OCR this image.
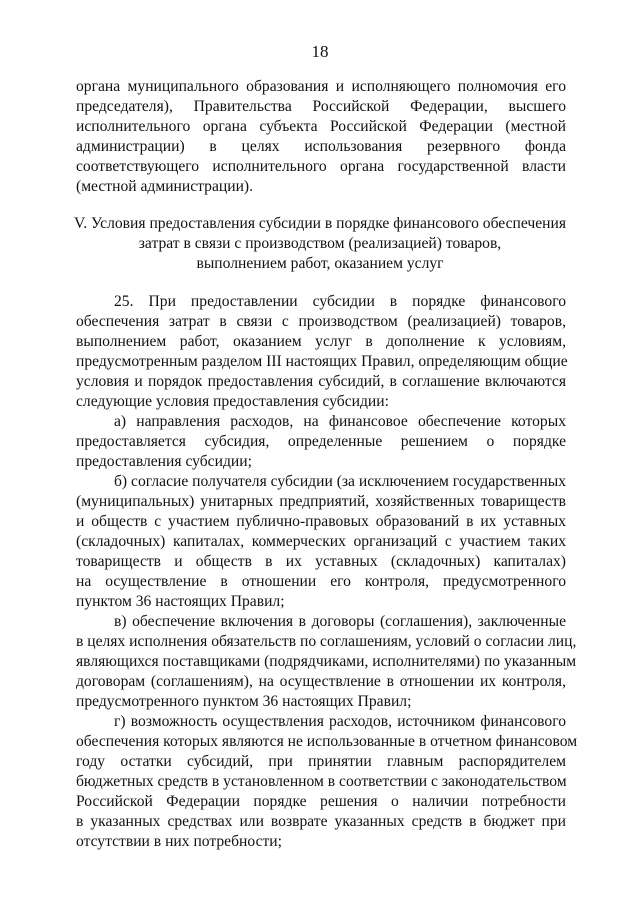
18
органа муниципального образования и исполняющего полномочия его
председателя), Правительства Российской Федерации, высшего
исполнительного органа субъекта Российской Федерации (местной
администрации) в целях использования резервного фонда
соответствующего исполнительного органа государственной власти
(местной администрации).
V. Условия предоставления субсидии в порядке финансового обеспечения
затрат в связи с производством (реализацией) товаров,
выполнением работ, оказанием услуг
25. При предоставлении субсидии в порядке финансового
обеспечения затрат в связи с производством (реализацией) товаров,
выполнением работ, оказанием услуг в дополнение к условиям,
предусмотренным разделом III настоящих Правил, определяющим общие
условия и порядок предоставления субсидий, в соглашение включаются
следующие условия предоставления субсидии:
а) направления расходов, на финансовое обеспечение которых
предоставляется субсидия, определенные решением о порядке
предоставления субсидии;
б) согласие получателя субсидии (за исключением государственных
(муниципальных) унитарных предприятий, хозяйственных товариществ
и обществ с участием публично-правовых образований в их уставных
(складочных) капиталах, коммерческих организаций с участием таких
товариществ и обществ в их уставных (складочных) капиталах)
на осуществление в отношении его контроля, предусмотренного
пунктом 36 настоящих Правил;
в) обеспечение включения в договоры (соглашения), заключенные
в целях исполнения обязательств по соглашениям, условий о согласии лиц,
являющихся поставщиками (подрядчиками, исполнителями) по указанным
договорам (соглашениям), на осуществление в отношении их контроля,
предусмотренного пунктом 36 настоящих Правил;
г) возможность осуществления расходов, источником финансового
обеспечения которых являются не использованные в отчетном финансовом
году остатки субсидий, при принятии главным распорядителем
бюджетных средств в установленном в соответствии с законодательством
Российской Федерации порядке решения о наличии потребности
в указанных средствах или возврате указанных средств в бюджет при
отсутствии в них потребности;
